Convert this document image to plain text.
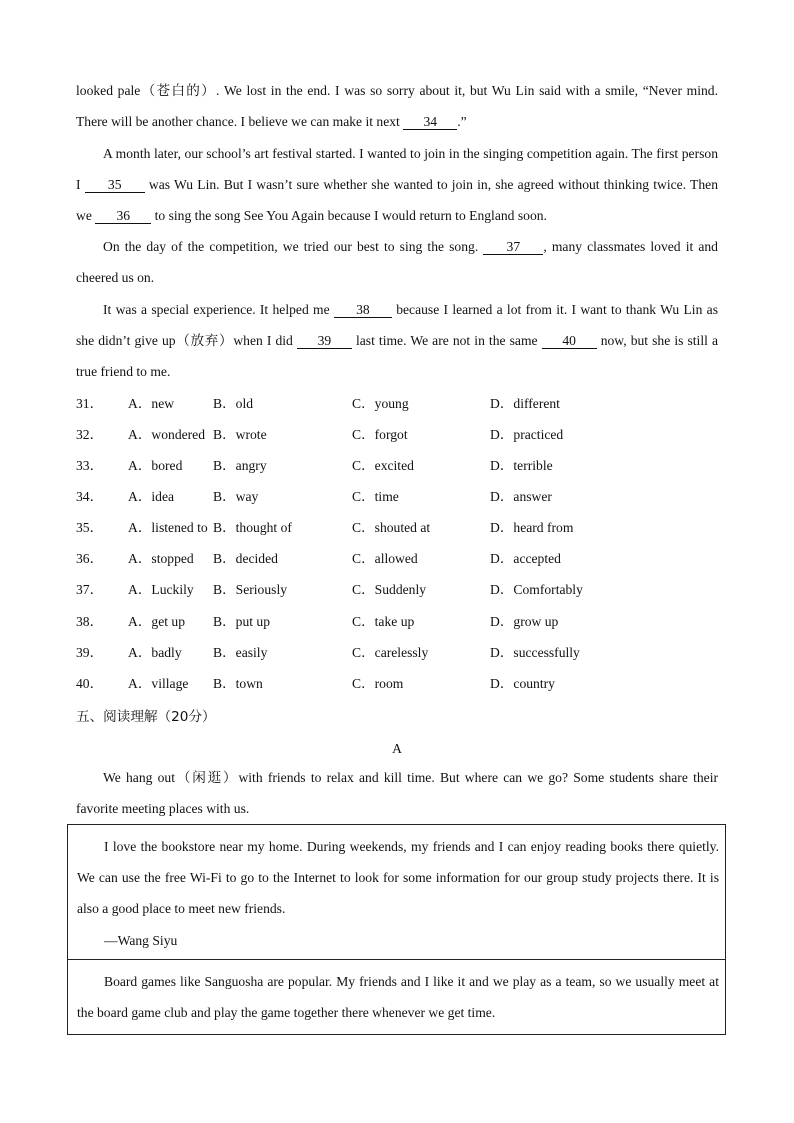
looked pale（苍白的）. We lost in the end. I was so sorry about it, but Wu Lin said with a smile, “Never mind. There will be another chance. I believe we can make it next 34 .”
A month later, our school’s art festival started. I wanted to join in the singing competition again. The first person I 35 was Wu Lin. But I wasn’t sure whether she wanted to join in, she agreed without thinking twice. Then we 36 to sing the song See You Again because I would return to England soon.
On the day of the competition, we tried our best to sing the song. 37 , many classmates loved it and cheered us on.
It was a special experience. It helped me 38 because I learned a lot from it. I want to thank Wu Lin as she didn’t give up（放弃）when I did 39 last time. We are not in the same 40 now, but she is still a true friend to me.
31． A．new	B．old	C．young	D．different
32． A．wondered B．wrote	C．forgot	D．practiced
33． A．bored B．angry	C．excited	D．terrible
34． A．idea	B．way	C．time	D．answer
35． A．listened to B．thought of	C．shouted at	D．heard from
36． A．stopped B．decided	C．allowed	D．accepted
37． A．Luckily B．Seriously	C．Suddenly	D．Comfortably
38． A．get up B．put up	C．take up	D．grow up
39． A．badly B．easily	C．carelessly	D．successfully
40． A．village B．town	C．room	D．country
五、阅读理解（20分）
A
We hang out（闲逛）with friends to relax and kill time. But where can we go? Some students share their favorite meeting places with us.
I love the bookstore near my home. During weekends, my friends and I can enjoy reading books there quietly. We can use the free Wi-Fi to go to the Internet to look for some information for our group study projects there. It is also a good place to meet new friends.
—Wang Siyu
Board games like Sanguosha are popular. My friends and I like it and we play as a team, so we usually meet at the board game club and play the game together there whenever we get time.
